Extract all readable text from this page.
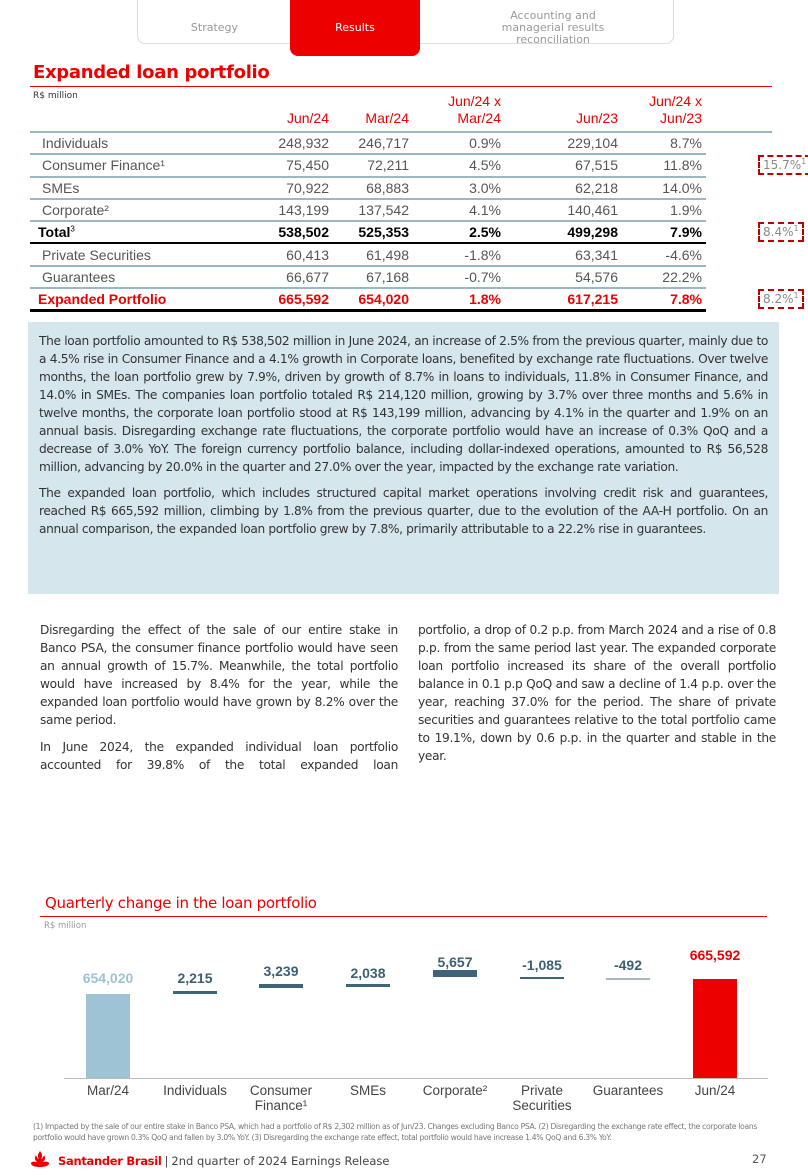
Strategy
Accounting and managerial results reconciliation
Results
Expanded loan portfolio
R$ million
	Jun/24	Mar/24	Jun/24 x Mar/24	Jun/23	Jun/24 x Jun/23	
Individuals	248,932	246,717	0.9%	229,104	8.7%	
Consumer Finance¹	75,450	72,211	4.5%	67,515	11.8%	
SMEs	70,922	68,883	3.0%	62,218	14.0%	
Corporate²	143,199	137,542	4.1%	140,461	1.9%	
Total$^3$	538,502	525,353	2.5%	499,298	7.9%	
Private Securities	60,413	61,498	-1.8%	63,341	-4.6%	
Guarantees	66,677	67,168	-0.7%	54,576	22.2%	
Expanded Portfolio	665,592	654,020	1.8%	617,215	7.8%	
15.7%$^1$
8.4%$^1$
8.2%$^1$

The loan portfolio amounted to R$ 538,502 million in June 2024, an increase of 2.5% from the previous quarter, mainly due to a 4.5% rise in Consumer Finance and a 4.1% growth in Corporate loans, benefited by exchange rate fluctuations. Over twelve months, the loan portfolio grew by 7.9%, driven by growth of 8.7% in loans to individuals, 11.8% in Consumer Finance, and 14.0% in SMEs. The companies loan portfolio totaled R$ 214,120 million, growing by 3.7% over three months and 5.6% in twelve months, the corporate loan portfolio stood at R$ 143,199 million, advancing by 4.1% in the quarter and 1.9% on an annual basis. Disregarding exchange rate fluctuations, the corporate portfolio would have an increase of 0.3% QoQ and a decrease of 3.0% YoY. The foreign currency portfolio balance, including dollar-indexed operations, amounted to R$ 56,528 million, advancing by 20.0% in the quarter and 27.0% over the year, impacted by the exchange rate variation.

The expanded loan portfolio, which includes structured capital market operations involving credit risk and guarantees, reached R$ 665,592 million, climbing by 1.8% from the previous quarter, due to the evolution of the AA-H portfolio. On an annual comparison, the expanded loan portfolio grew by 7.8%, primarily attributable to a 22.2% rise in guarantees.

Disregarding the effect of the sale of our entire stake in Banco PSA, the consumer finance portfolio would have seen an annual growth of 15.7%. Meanwhile, the total portfolio would have increased by 8.4% for the year, while the expanded loan portfolio would have grown by 8.2% over the same period.

In June 2024, the expanded individual loan portfolio accounted for 39.8% of the total expanded loan

portfolio, a drop of 0.2 p.p. from March 2024 and a rise of 0.8 p.p. from the same period last year. The expanded corporate loan portfolio increased its share of the overall portfolio balance in 0.1 p.p QoQ and saw a decline of 1.4 p.p. over the year, reaching 37.0% for the period. The share of private securities and guarantees relative to the total portfolio came to 19.1%, down by 0.6 p.p. in the quarter and stable in the year.

Quarterly change in the loan portfolio
R$ million
654,020	2,215	3,239	2,038
5,657	-1,085	-492
665,592
Mar/24	Individuals	Consumer
Finance¹
SMEs	Corporate²	Private
Securities
Guarantees	Jun/24
(1) Impacted by the sale of our entire stake in Banco PSA, which had a portfolio of R$ 2,302 million as of Jun/23. Changes excluding Banco PSA. (2) Disregarding the exchange rate effect, the corporate loans portfolio would have grown 0.3% QoQ and fallen by 3.0% YoY. (3) Disregarding the exchange rate effect, total portfolio would have increase 1.4% QoQ and 6.3% YoY.
Santander Brasil | 2nd quarter of 2024 Earnings Release	27
